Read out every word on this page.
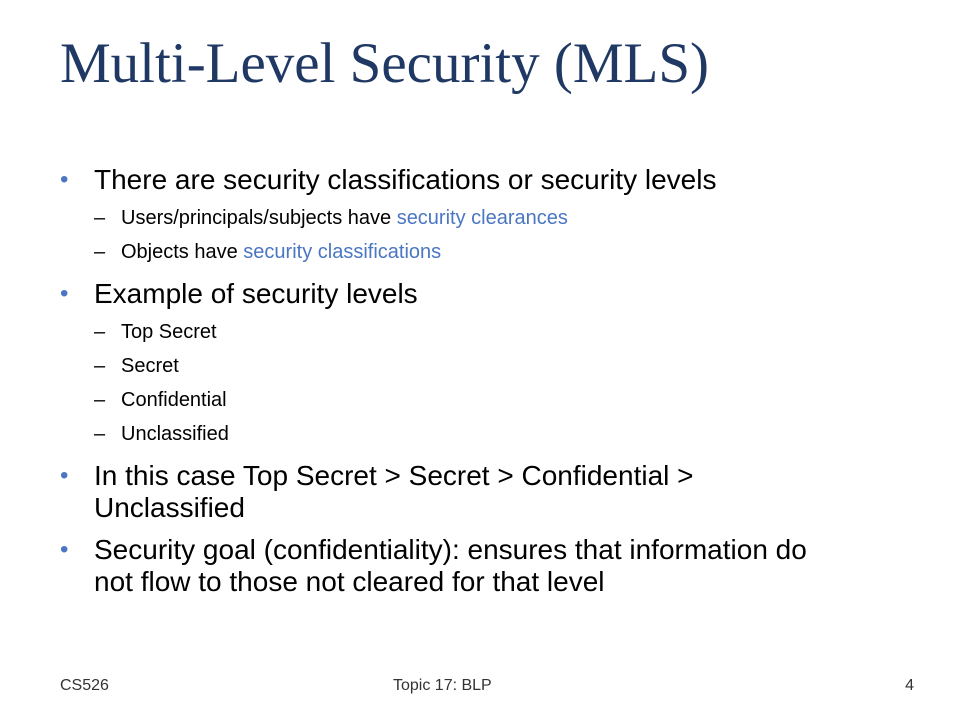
Multi-Level Security (MLS)
• There are security classifications or security levels
– Users/principals/subjects have security clearances
– Objects have security classifications
• Example of security levels
– Top Secret
– Secret
– Confidential
– Unclassified
• In this case Top Secret > Secret > Confidential >
Unclassified
• Security goal (confidentiality): ensures that information do
not flow to those not cleared for that level
CS526	Topic 17: BLP	4
